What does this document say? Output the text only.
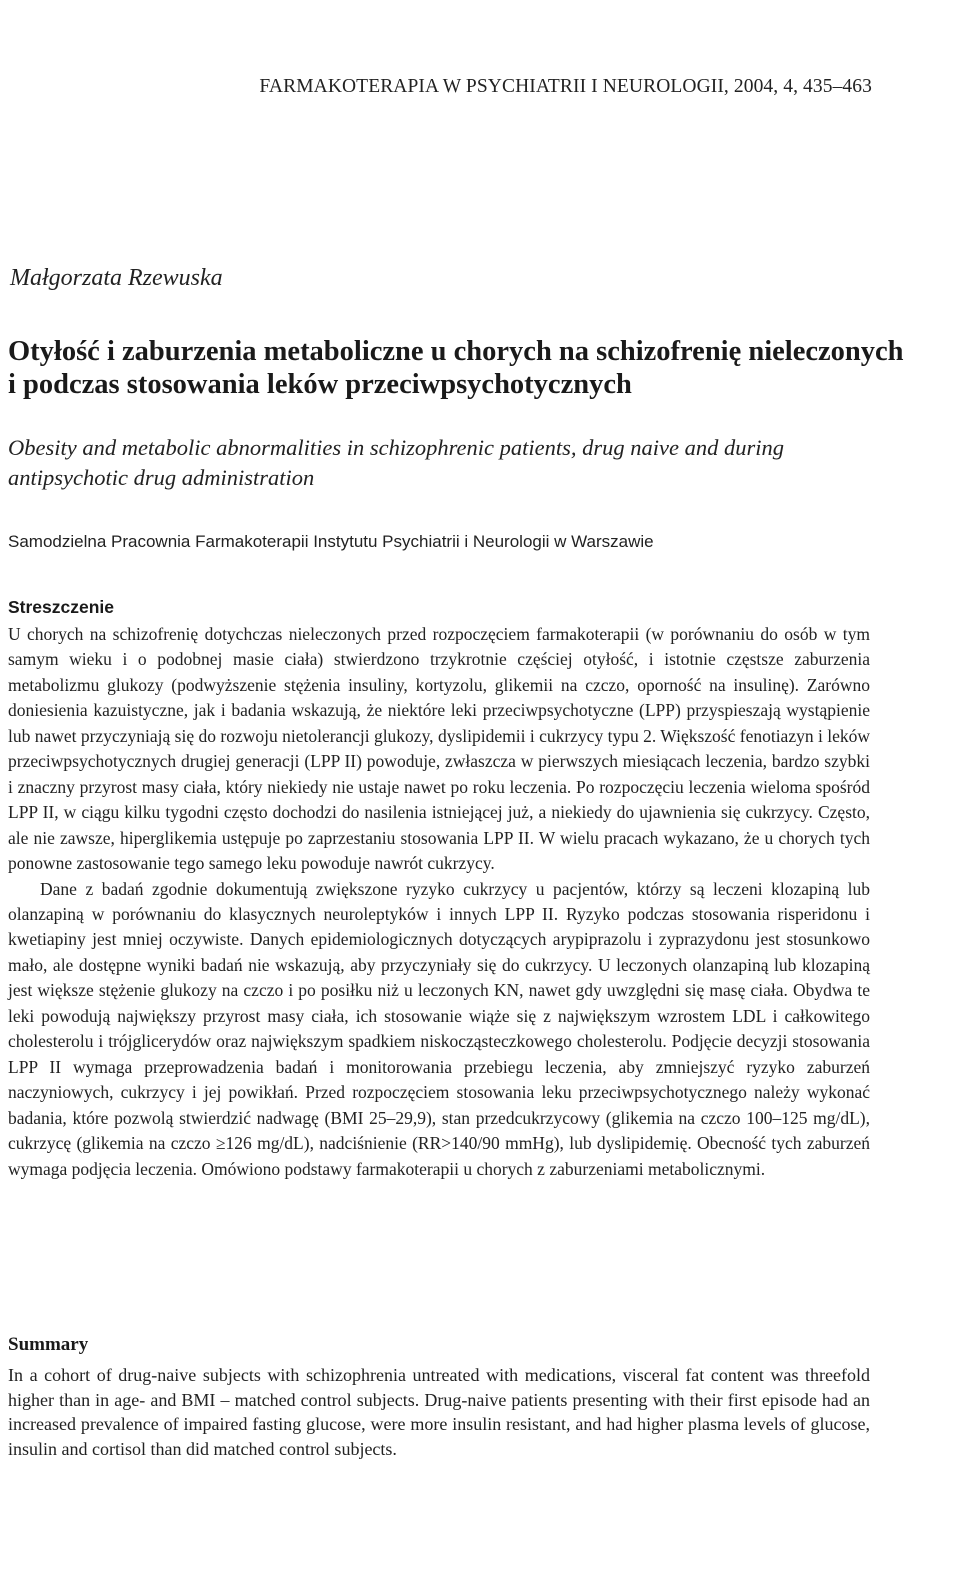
FARMAKOTERAPIA W PSYCHIATRII I NEUROLOGII, 2004, 4, 435–463
Małgorzata Rzewuska
Otyłość i zaburzenia metaboliczne u chorych na schizofrenię nieleczonych i podczas stosowania leków przeciwpsychotycznych
Obesity and metabolic abnormalities in schizophrenic patients, drug naive and during antipsychotic drug administration
Samodzielna Pracownia Farmakoterapii Instytutu Psychiatrii i Neurologii w Warszawie
Streszczenie

U chorych na schizofrenię dotychczas nieleczonych przed rozpoczęciem farmakoterapii (w porównaniu do osób w tym samym wieku i o podobnej masie ciała) stwierdzono trzykrotnie częściej otyłość, i istotnie częstsze zaburzenia metabolizmu glukozy (podwyższenie stężenia insuliny, kortyzolu, glikemii na czczo, oporność na insulinę). Zarówno doniesienia kazuistyczne, jak i badania wskazują, że niektóre leki przeciwpsychotyczne (LPP) przyspieszają wystąpienie lub nawet przyczyniają się do rozwoju nietolerancji glukozy, dyslipidemii i cukrzycy typu 2. Większość fenotiazyn i leków przeciwpsychotycznych drugiej generacji (LPP II) powoduje, zwłaszcza w pierwszych miesiącach leczenia, bardzo szybki i znaczny przyrost masy ciała, który niekiedy nie ustaje nawet po roku leczenia. Po rozpoczęciu leczenia wieloma spośród LPP II, w ciągu kilku tygodni często dochodzi do nasilenia istniejącej już, a niekiedy do ujawnienia się cukrzycy. Często, ale nie zawsze, hiperglikemia ustępuje po zaprzestaniu stosowania LPP II. W wielu pracach wykazano, że u chorych tych ponowne zastosowanie tego samego leku powoduje nawrót cukrzycy.

Dane z badań zgodnie dokumentują zwiększone ryzyko cukrzycy u pacjentów, którzy są leczeni klozapiną lub olanzapiną w porównaniu do klasycznych neuroleptyków i innych LPP II. Ryzyko podczas stosowania risperidonu i kwetiapiny jest mniej oczywiste. Danych epidemiologicznych dotyczących arypiprazolu i zyprazydonu jest stosunkowo mało, ale dostępne wyniki badań nie wskazują, aby przyczyniały się do cukrzycy. U leczonych olanzapiną lub klozapiną jest większe stężenie glukozy na czczo i po posiłku niż u leczonych KN, nawet gdy uwzględni się masę ciała. Obydwa te leki powodują największy przyrost masy ciała, ich stosowanie wiąże się z największym wzrostem LDL i całkowitego cholesterolu i trójglicerydów oraz największym spadkiem niskocząsteczkowego cholesterolu. Podjęcie decyzji stosowania LPP II wymaga przeprowadzenia badań i monitorowania przebiegu leczenia, aby zmniejszyć ryzyko zaburzeń naczyniowych, cukrzycy i jej powikłań. Przed rozpoczęciem stosowania leku przeciwpsychotycznego należy wykonać badania, które pozwolą stwierdzić nadwagę (BMI 25–29,9), stan przedcukrzycowy (glikemia na czczo 100–125 mg/dL), cukrzycę (glikemia na czczo ≥126 mg/dL), nadciśnienie (RR>140/90 mmHg), lub dyslipidemię. Obecność tych zaburzeń wymaga podjęcia leczenia. Omówiono podstawy farmakoterapii u chorych z zaburzeniami metabolicznymi.

Summary

In a cohort of drug-naive subjects with schizophrenia untreated with medications, visceral fat content was threefold higher than in age- and BMI – matched control subjects. Drug-naive patients presenting with their first episode had an increased prevalence of impaired fasting glucose, were more insulin resistant, and had higher plasma levels of glucose, insulin and cortisol than did matched control subjects.
